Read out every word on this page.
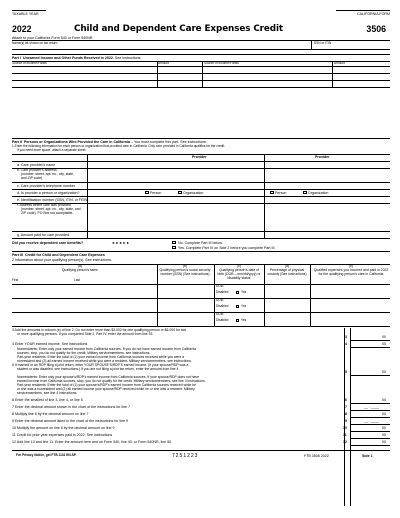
TAXABLE YEAR	CALIFORNIA FORM
2022	Child and Dependent Care Expenses Credit	3506
Attach to your California Form 540 or Form 540NR.
Name(s) as shown on tax return	SSN or ITIN
Part I Unearned Income and Other Funds Received in 2022. See instructions.
Source of Income/Funds	Amount	Source of Income/Funds	Amount
Part II Persons or Organizations Who Provided the Care in California – You must complete this part. See instructions.
1 Enter the following information for each person or organization that provided care in California. Only care provided in California qualifies for the credit.
If you need more space, attach a separate sheet.
Provider	Provider
a. Care provider's name
b. Care provider's address
(number, street, apt. no., city, state,
and ZIP code)
c. Care provider's telephone number
d. Is provider a person or organization?	Person	Organization	Person	Organization
e. Identification number (SSN, ITIN, or FEIN)
f. Address where care was provided
(number, street, apt. no., city, state, and
ZIP code). PO Box not acceptable.
g. Amount paid for care provided
Did you receive dependent care benefits?	►►►►►	No. Complete Part III below.
Yes. Complete Part IV on Side 2 before you complete Part III.
Part III Credit for Child and Dependent Care Expenses
2 Information about your qualifying person(s). See instructions.
(a)
Qualifying person's name
First	Last
(b)
Qualifying person's social security number (SSN) (See instructions)
(c)
Qualifying person's date of birth (DOB – mm/dd/yyyy) or disability status
(d)
Percentage of physical custody (See instructions)
(e)
Qualified expenses you incurred and paid in 2022 for the qualifying person's care in California
DOB:
Disabled	Yes
DOB:
Disabled	Yes
DOB:
Disabled	Yes
3 Add the amounts in column (e) of line 2. Do not enter more than $3,000 for one qualifying person or $6,000 for two
or more qualifying persons. If you completed Side 2, Part IV, enter the amount from line 33
3	00
4 Enter YOUR earned income. See instructions	4	00
Nonresidents: Enter only your earned income from California sources. If you do not have earned income from California
sources, stop, you do not qualify for the credit. Military servicemembers, see instructions.
Part-year residents: Enter the total of (1) your earned income from California sources received while you were a
nonresident and (2) all earned income received while you were a resident. Military servicemembers, see instructions.
5 If married or an RDP filing a joint return, enter YOUR SPOUSE'S/RDP'S earned income. (If your spouse/RDP was a
student or was disabled, see instructions.) If you are not filing a joint tax return, enter the amount from line 4
5	00
Nonresidents: Enter only your spouse's/RDP's earned income from California sources. If your spouse/RDP does not have
earned income from California sources, stop, you do not qualify for the credit. Military servicemembers, see line 4 instructions.
Part-year residents: Enter the total of (1) your spouse's/RDP's earned income from California sources received while he
or she was a nonresident and (2) all earned income your spouse/RDP received while he or she was a resident. Military
servicemembers, see line 4 instructions.
6 Enter the smallest of line 3, line 4, or line 5	6	00
7 Enter the decimal amount shown in the chart of the instructions for line 7	7	__ . ____
8 Multiply line 6 by the decimal amount on line 7	8	00
9 Enter the decimal amount listed in the chart of the instructions for line 9	9	__ . ____
10 Multiply the amount on line 8 by the decimal amount on line 9	10	00
11 Credit for prior year expenses paid in 2022. See instructions	11	00
12 Add line 10 and line 11. Enter the amount here and on Form 540, line 40; or Form 540NR, line 50	12	00
For Privacy Notice, get FTB 1131 EN-SP.	7251223	FTB 3506 2022	Side 1
